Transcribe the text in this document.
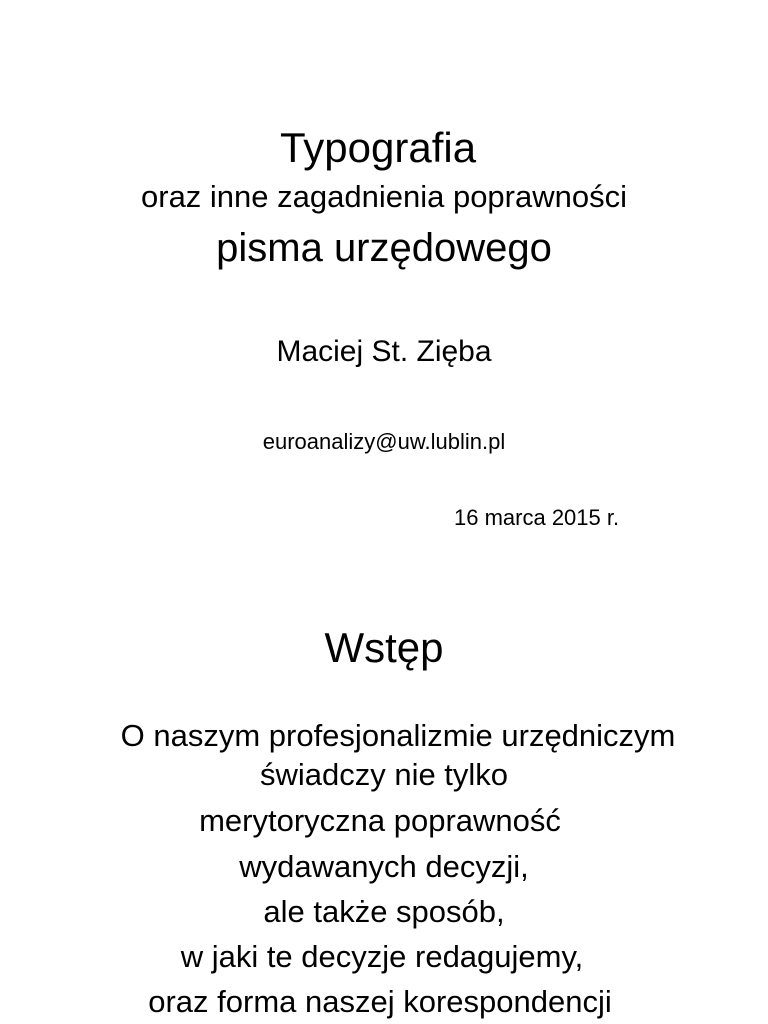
Typografia
oraz inne zagadnienia poprawności
pisma urzędowego
Maciej St. Zięba
euroanalizy@uw.lublin.pl
16 marca 2015 r.
Wstęp
O naszym profesjonalizmie urzędniczym
świadczy nie tylko
merytoryczna poprawność
wydawanych decyzji,
ale także sposób,
w jaki te decyzje redagujemy,
oraz forma naszej korespondencji
